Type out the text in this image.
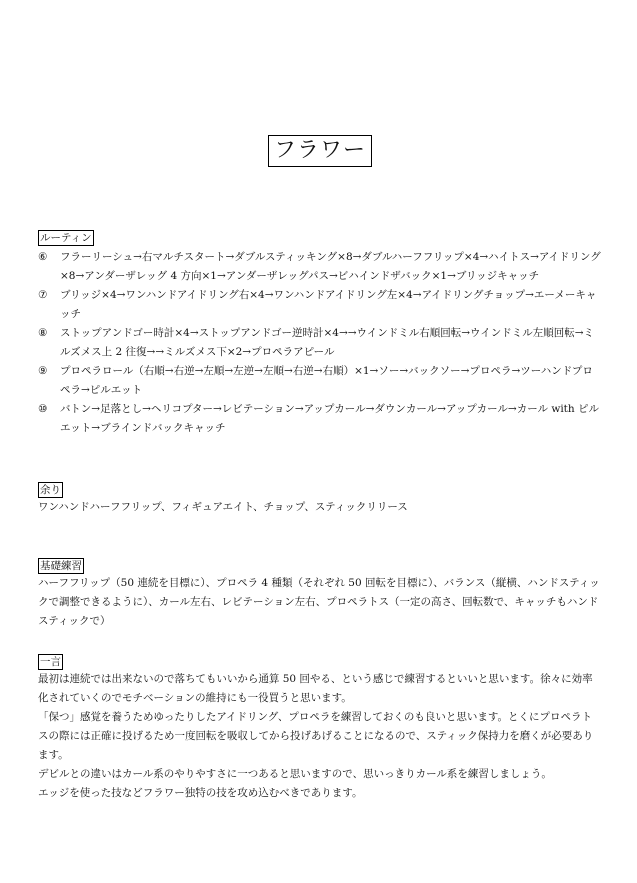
フラワー
ルーティン
⑥ フラーリーシュ→右マルチスタート→ダブルスティッキング×8→ダブルハーフフリップ×4→ハイトス→アイドリング×8→アンダーザレッグ 4 方向×1→アンダーザレッグパス→ビハインドザバック×1→ブリッジキャッチ
⑦ ブリッジ×4→ワンハンドアイドリング右×4→ワンハンドアイドリング左×4→アイドリングチョップ→エーメーキャッチ
⑧ ストップアンドゴー時計×4→ストップアンドゴー逆時計×4→→ウインドミル右順回転→ウインドミル左順回転→ミルズメス上 2 往復→→ミルズメス下×2→プロペラアピール
⑨ プロペラロール（右順→右逆→左順→左逆→左順→右逆→右順）×1→ソー→バックソー→プロペラ→ツーハンドプロペラ→ピルエット
⑩ バトン→足落とし→ヘリコプター→レビテーション→アップカール→ダウンカール→アップカール→カール with ピルエット→ブラインドバックキャッチ
余り

ワンハンドハーフフリップ、フィギュアエイト、チョップ、スティックリリース

基礎練習

ハーフフリップ（50 連続を目標に）、プロペラ 4 種類（それぞれ 50 回転を目標に）、バランス（縦横、ハンドスティックで調整できるように）、カール左右、レビテーション左右、プロペラトス（一定の高さ、回転数で、キャッチもハンドスティックで）

一言

最初は連続では出来ないので落ちてもいいから通算 50 回やる、という感じで練習するといいと思います。徐々に効率化されていくのでモチベーションの維持にも一役買うと思います。

「保つ」感覚を養うためゆったりしたアイドリング、プロペラを練習しておくのも良いと思います。とくにプロペラトスの際には正確に投げるため一度回転を吸収してから投げあげることになるので、スティック保持力を磨くが必要あります。

デビルとの違いはカール系のやりやすさに一つあると思いますので、思いっきりカール系を練習しましょう。

エッジを使った技などフラワー独特の技を攻め込むべきであります。
